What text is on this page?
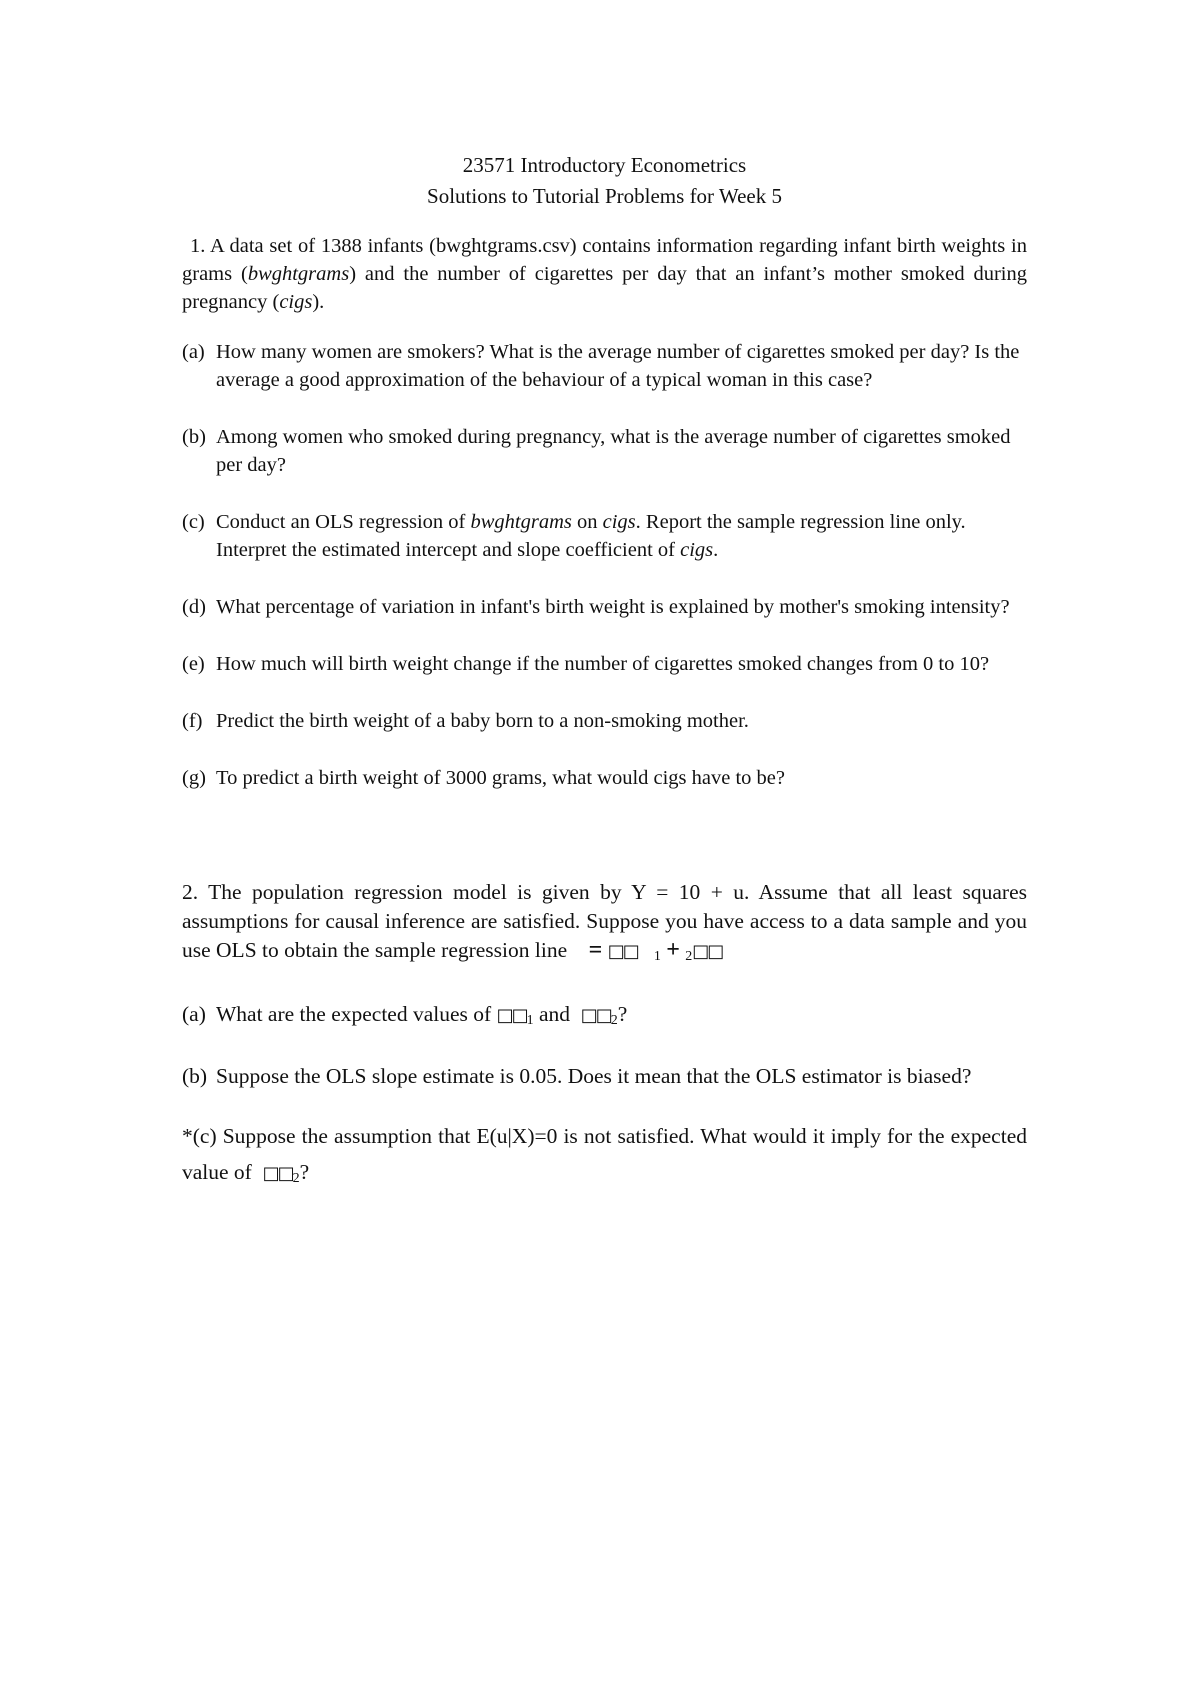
23571 Introductory Econometrics
Solutions to Tutorial Problems for Week 5

1. A data set of 1388 infants (bwghtgrams.csv) contains information regarding infant birth weights in grams (bwghtgrams) and the number of cigarettes per day that an infant’s mother smoked during pregnancy (cigs).

(a) How many women are smokers? What is the average number of cigarettes smoked per day? Is the average a good approximation of the behaviour of a typical woman in this case?
(b) Among women who smoked during pregnancy, what is the average number of cigarettes smoked per day?
(c) Conduct an OLS regression of bwghtgrams on cigs. Report the sample regression line only. Interpret the estimated intercept and slope coefficient of cigs.
(d) What percentage of variation in infant's birth weight is explained by mother's smoking intensity?
(e) How much will birth weight change if the number of cigarettes smoked changes from 0 to 10?
(f) Predict the birth weight of a baby born to a non-smoking mother.
(g) To predict a birth weight of 3000 grams, what would cigs have to be?

2. The population regression model is given by Y = 10 + u. Assume that all least squares assumptions for causal inference are satisfied. Suppose you have access to a data sample and you use OLS to obtain the sample regression line = □□ $_1$ + $_2$□□

(a) What are the expected values of $□□_1$ and  $□□_2$?
(b) Suppose the OLS slope estimate is 0.05. Does it mean that the OLS estimator is biased?

*(c) Suppose the assumption that E(u|X)=0 is not satisfied. What would it imply for the expected value of  $□□_2$?
